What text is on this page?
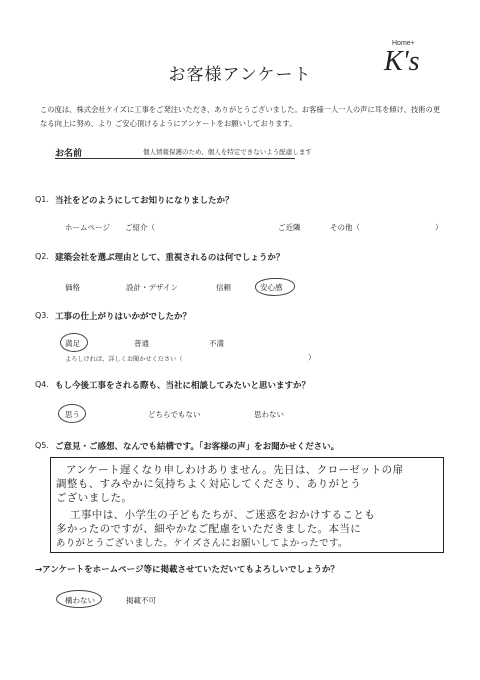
お客様アンケート
Home+
K's
この度は、株式会社ケイズに工事をご発注いただき、ありがとうございました。お客様一人一人の声に耳を傾け、技術の更なる向上に努め、より ご安心頂けるようにアンケートをお願いしております。
お名前	個人情報保護のため、個人を特定できないよう配慮します
Q1. 当社をどのようにしてお知りになりましたか？
ホームページ ご紹介（	ご近隣	その他（	）
Q2. 建築会社を選ぶ理由として、重視されるのは何でしょうか？
価格	設計・デザイン	信頼	安心感
Q3. 工事の仕上がりはいかがでしたか？
満足	普通	不満
よろしければ、詳しくお聞かせください（	）
Q4. もし今後工事をされる際も、当社に相談してみたいと思いますか？
思う	どちらでもない	思わない
Q5. ご意見・ご感想、なんでも結構です。「お客様の声」をお聞かせください。
アンケート遅くなり申しわけありません。先日は、クローゼットの扉
調整も、すみやかに気持ちよく対応してくださり、ありがとう
ございました。
工事中は、小学生の子どもたちが、ご迷惑をおかけすることも
多かったのですが、細やかなご配慮をいただきました。本当に
ありがとうございました。ケイズさんにお願いしてよかったです。
→アンケートをホームページ等に掲載させていただいてもよろしいでしょうか？
構わない	掲載不可
